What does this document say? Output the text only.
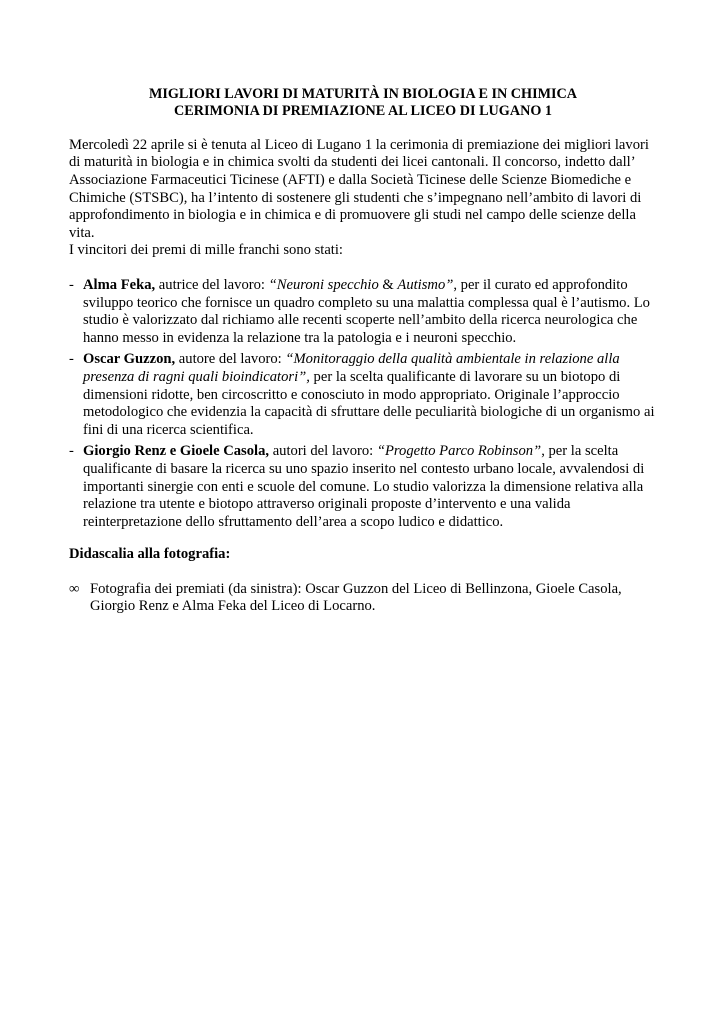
MIGLIORI LAVORI DI MATURITÀ IN BIOLOGIA E IN CHIMICA
CERIMONIA DI PREMIAZIONE AL LICEO DI LUGANO 1

Mercoledì 22 aprile si è tenuta al Liceo di Lugano 1 la cerimonia di premiazione dei migliori lavori di maturità in biologia e in chimica svolti da studenti dei licei cantonali. Il concorso, indetto dall’ Associazione Farmaceutici Ticinese (AFTI) e dalla Società Ticinese delle Scienze Biomediche e Chimiche (STSBC), ha l’intento di sostenere gli studenti che s’impegnano nell’ambito di lavori di approfondimento in biologia e in chimica e di promuovere gli studi nel campo delle scienze della vita.

I vincitori dei premi di mille franchi sono stati:

- Alma Feka, autrice del lavoro: “Neuroni specchio & Autismo”, per il curato ed approfondito sviluppo teorico che fornisce un quadro completo su una malattia complessa qual è l’autismo. Lo studio è valorizzato dal richiamo alle recenti scoperte nell’ambito della ricerca neurologica che hanno messo in evidenza la relazione tra la patologia e i neuroni specchio.
- Oscar Guzzon, autore del lavoro: “Monitoraggio della qualità ambientale in relazione alla presenza di ragni quali bioindicatori”, per la scelta qualificante di lavorare su un biotopo di dimensioni ridotte, ben circoscritto e conosciuto in modo appropriato. Originale l’approccio metodologico che evidenzia la capacità di sfruttare delle peculiarità biologiche di un organismo ai fini di una ricerca scientifica.
- Giorgio Renz e Gioele Casola, autori del lavoro: “Progetto Parco Robinson”, per la scelta qualificante di basare la ricerca su uno spazio inserito nel contesto urbano locale, avvalendosi di importanti sinergie con enti e scuole del comune. Lo studio valorizza la dimensione relativa alla relazione tra utente e biotopo attraverso originali proposte d’intervento e una valida reinterpretazione dello sfruttamento dell’area a scopo ludico e didattico.
Didascalia alla fotografia:
∞ Fotografia dei premiati (da sinistra): Oscar Guzzon del Liceo di Bellinzona, Gioele Casola, Giorgio Renz e Alma Feka del Liceo di Locarno.
